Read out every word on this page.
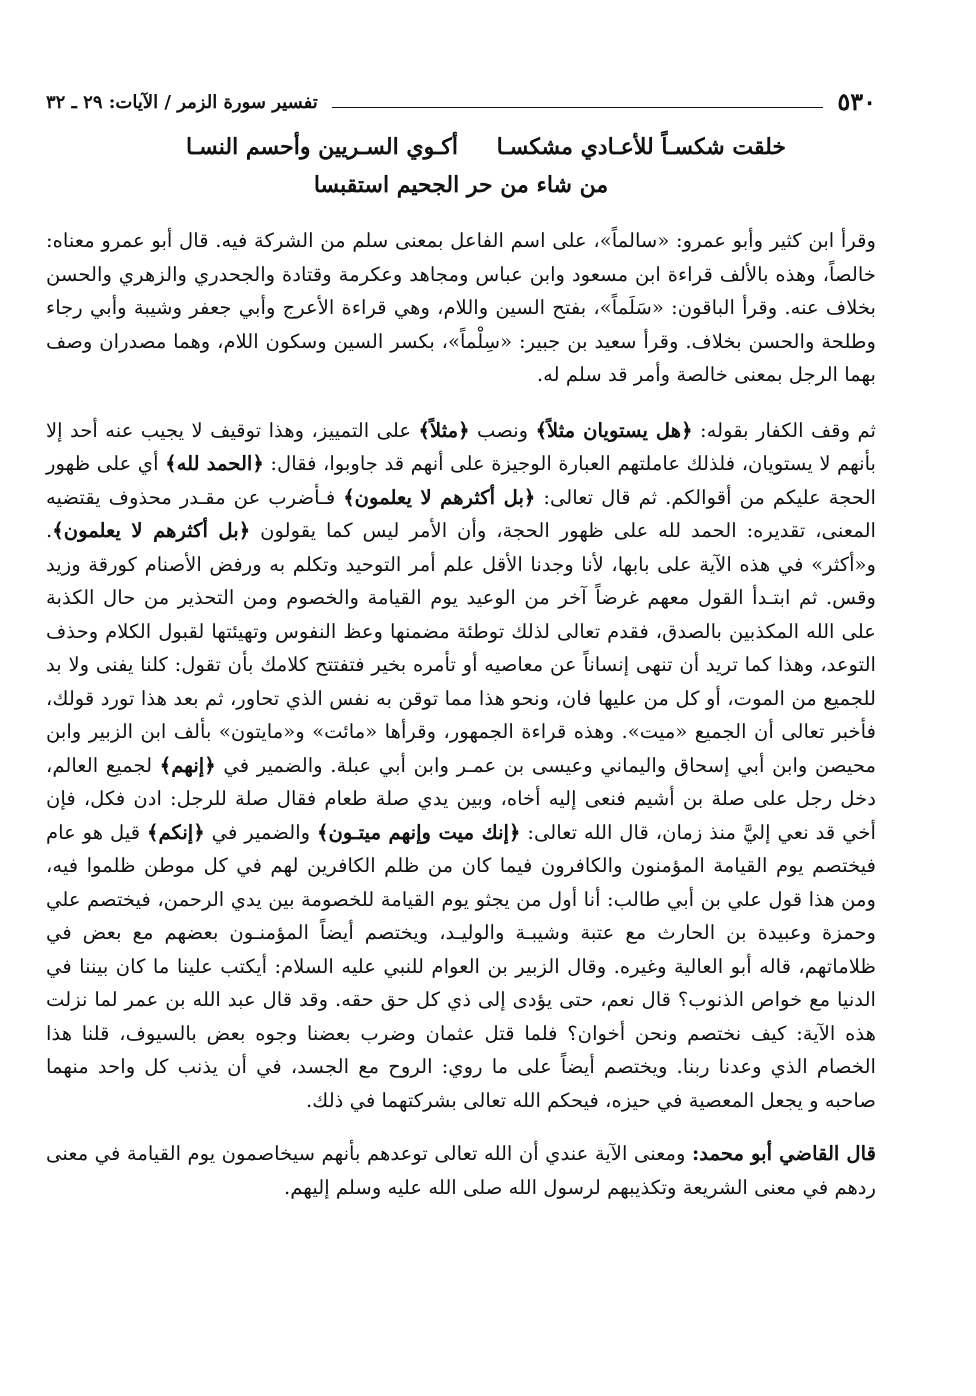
٥٣٠
تفسير سورة الزمر / الآيات: ٢٩ ـ ٣٢
خلقت شكسـاً للأعـادي مشكسـا
أكـوي السـريين وأحسم النسـا
من شاء من حر الجحيم استقبسا

وقرأ ابن كثير وأبو عمرو: «سالماً»، على اسم الفاعل بمعنى سلم من الشركة فيه. قال أبو عمرو معناه: خالصاً، وهذه بالألف قراءة ابن مسعود وابن عباس ومجاهد وعكرمة وقتادة والجحدري والزهري والحسن بخلاف عنه. وقرأ الباقون: «سَلَماً»، بفتح السين واللام، وهي قراءة الأعرج وأبي جعفر وشيبة وأبي رجاء وطلحة والحسن بخلاف. وقرأ سعيد بن جبير: «سِلْماً»، بكسر السين وسكون اللام، وهما مصدران وصف بهما الرجل بمعنى خالصة وأمر قد سلم له.

ثم وقف الكفار بقوله: ﴿هل يستويان مثلاً﴾ ونصب ﴿مثلاً﴾ على التمييز، وهذا توقيف لا يجيب عنه أحد إلا بأنهم لا يستويان، فلذلك عاملتهم العبارة الوجيزة على أنهم قد جاوبوا، فقال: ﴿الحمد لله﴾ أي على ظهور الحجة عليكم من أقوالكم. ثم قال تعالى: ﴿بل أكثرهم لا يعلمون﴾ فـأضرب عن مقـدر محذوف يقتضيه المعنى، تقديره: الحمد لله على ظهور الحجة، وأن الأمر ليس كما يقولون ﴿بل أكثرهم لا يعلمون﴾. و«أكثر» في هذه الآية على بابها، لأنا وجدنا الأقل علم أمر التوحيد وتكلم به ورفض الأصنام كورقة وزيد وقس. ثم ابتـدأ القول معهم غرضاً آخر من الوعيد يوم القيامة والخصوم ومن التحذير من حال الكذبة على الله المكذبين بالصدق، فقدم تعالى لذلك توطئة مضمنها وعظ النفوس وتهيئتها لقبول الكلام وحذف التوعد، وهذا كما تريد أن تنهى إنساناً عن معاصيه أو تأمره بخير فتفتتح كلامك بأن تقول: كلنا يفنى ولا بد للجميع من الموت، أو كل من عليها فان، ونحو هذا مما توقن به نفس الذي تحاور، ثم بعد هذا تورد قولك، فأخبر تعالى أن الجميع «ميت». وهذه قراءة الجمهور، وقرأها «مائت» و«مايتون» بألف ابن الزبير وابن محيصن وابن أبي إسحاق واليماني وعيسى بن عمـر وابن أبي عبلة. والضمير في ﴿إنهم﴾ لجميع العالم، دخل رجل على صلة بن أشيم فنعى إليه أخاه، وبين يدي صلة طعام فقال صلة للرجل: ادن فكل، فإن أخي قد نعي إليَّ منذ زمان، قال الله تعالى: ﴿إنك ميت وإنهم ميتـون﴾ والضمير في ﴿إنكم﴾ قيل هو عام فيختصم يوم القيامة المؤمنون والكافرون فيما كان من ظلم الكافرين لهم في كل موطن ظلموا فيه، ومن هذا قول علي بن أبي طالب: أنا أول من يجثو يوم القيامة للخصومة بين يدي الرحمن، فيختصم علي وحمزة وعبيدة بن الحارث مع عتبة وشيبـة والوليـد، ويختصم أيضاً المؤمنـون بعضهم مع بعض في ظلاماتهم، قاله أبو العالية وغيره. وقال الزبير بن العوام للنبي عليه السلام: أيكتب علينا ما كان بيننا في الدنيا مع خواص الذنوب؟ قال نعم، حتى يؤدى إلى ذي كل حق حقه. وقد قال عبد الله بن عمر لما نزلت هذه الآية: كيف نختصم ونحن أخوان؟ فلما قتل عثمان وضرب بعضنا وجوه بعض بالسيوف، قلنا هذا الخصام الذي وعدنا ربنا. ويختصم أيضاً على ما روي: الروح مع الجسد، في أن يذنب كل واحد منهما صاحبه و يجعل المعصية في حيزه، فيحكم الله تعالى بشركتهما في ذلك.

قال القاضي أبو محمد: ومعنى الآية عندي أن الله تعالى توعدهم بأنهم سيخاصمون يوم القيامة في معنى ردهم في معنى الشريعة وتكذيبهم لرسول الله صلى الله عليه وسلم إليهم.
